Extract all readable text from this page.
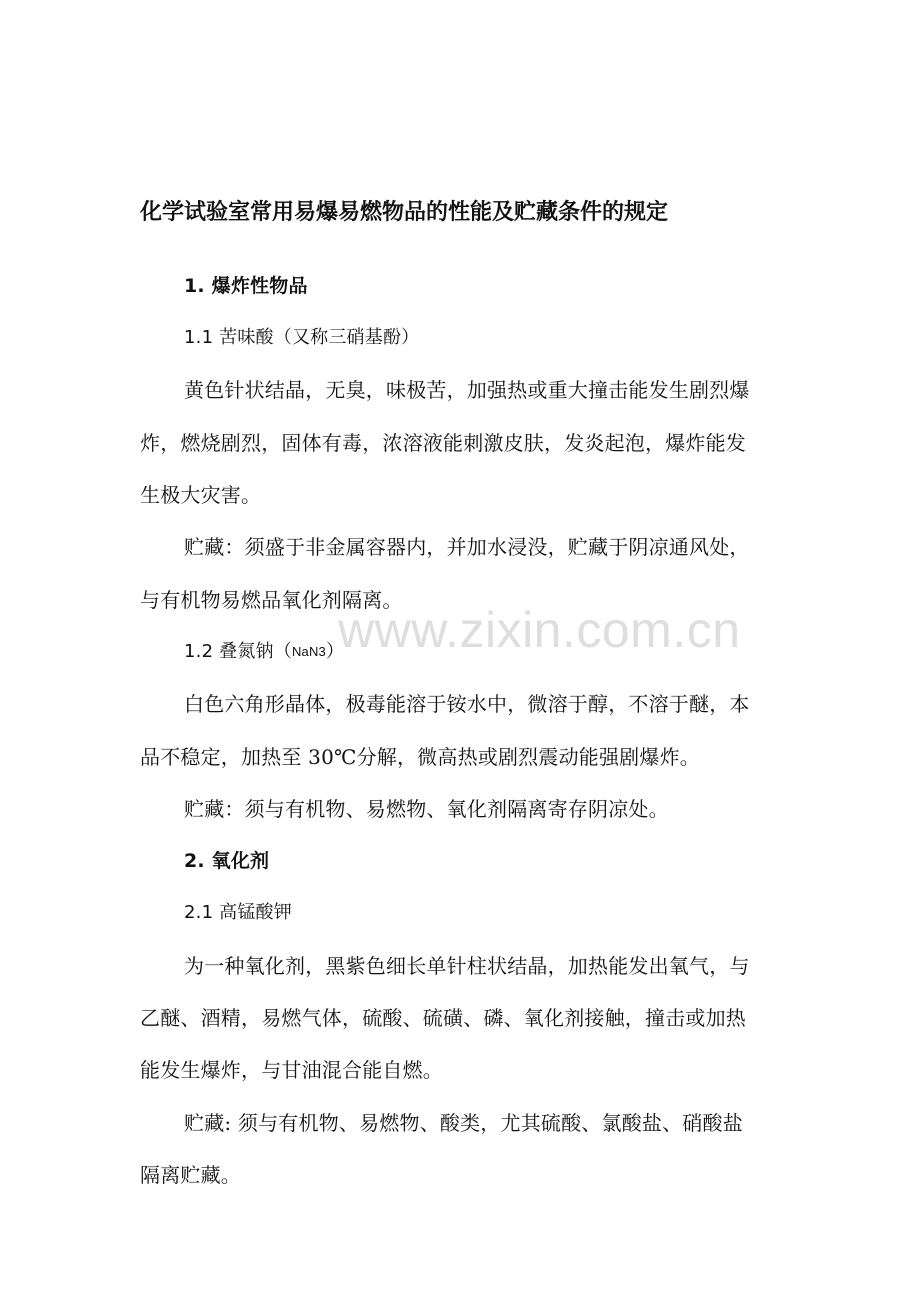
化学试验室常用易爆易燃物品的性能及贮藏条件的规定
1. 爆炸性物品
1.1 苦味酸（又称三硝基酚）
黄色针状结晶，无臭，味极苦，加强热或重大撞击能发生剧烈爆
炸，燃烧剧烈，固体有毒，浓溶液能刺激皮肤，发炎起泡，爆炸能发
生极大灾害。
贮藏：须盛于非金属容器内，并加水浸没，贮藏于阴凉通风处，
与有机物易燃品氧化剂隔离。
1.2 叠氮钠（NaN3）
白色六角形晶体，极毒能溶于铵水中，微溶于醇，不溶于醚，本
品不稳定，加热至 30℃分解，微高热或剧烈震动能强剧爆炸。
贮藏：须与有机物、易燃物、氧化剂隔离寄存阴凉处。
2. 氧化剂
2.1 高锰酸钾
为一种氧化剂，黑紫色细长单针柱状结晶，加热能发出氧气，与
乙醚、酒精，易燃气体，硫酸、硫磺、磷、氧化剂接触，撞击或加热
能发生爆炸，与甘油混合能自燃。
贮藏: 须与有机物、易燃物、酸类，尤其硫酸、氯酸盐、硝酸盐
隔离贮藏。
www.zixin.com.cn
